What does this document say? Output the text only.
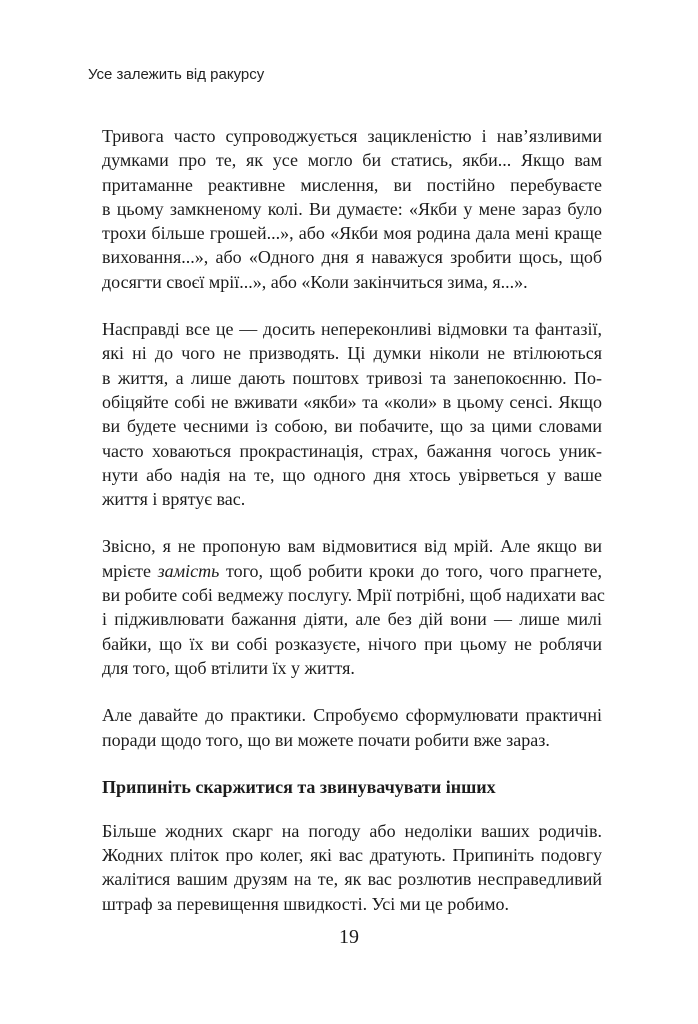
Усе залежить від ракурсу

Тривога часто супроводжується зацикленістю і нав’язливими
думками про те, як усе могло би статись, якби... Якщо вам
притаманне реактивне мислення, ви постійно перебуваєте
в цьому замкненому колі. Ви думаєте: «Якби у мене зараз було
трохи більше грошей...», або «Якби моя родина дала мені краще
виховання...», або «Одного дня я наважуся зробити щось, щоб
досягти своєї мрії...», або «Коли закінчиться зима, я...».

Насправді все це — досить непереконливі відмовки та фантазії,
які ні до чого не призводять. Ці думки ніколи не втілюються
в життя, а лише дають поштовх тривозі та занепокоєнню. По-
обіцяйте собі не вживати «якби» та «коли» в цьому сенсі. Якщо
ви будете чесними із собою, ви побачите, що за цими словами
часто ховаються прокрастинація, страх, бажання чогось уник-
нути або надія на те, що одного дня хтось увірветься у ваше
життя і врятує вас.

Звісно, я не пропоную вам відмовитися від мрій. Але якщо ви
мрієте замість того, щоб робити кроки до того, чого прагнете,
ви робите собі ведмежу послугу. Мрії потрібні, щоб надихати вас
і підживлювати бажання діяти, але без дій вони — лише милі
байки, що їх ви собі розказуєте, нічого при цьому не роблячи
для того, щоб втілити їх у життя.

Але давайте до практики. Спробуємо сформулювати практичні
поради щодо того, що ви можете почати робити вже зараз.

Припиніть скаржитися та звинувачувати інших

Більше жодних скарг на погоду або недоліки ваших родичів.
Жодних пліток про колег, які вас дратують. Припиніть подовгу
жалітися вашим друзям на те, як вас розлютив несправедливий
штраф за перевищення швидкості. Усі ми це робимо.

19
